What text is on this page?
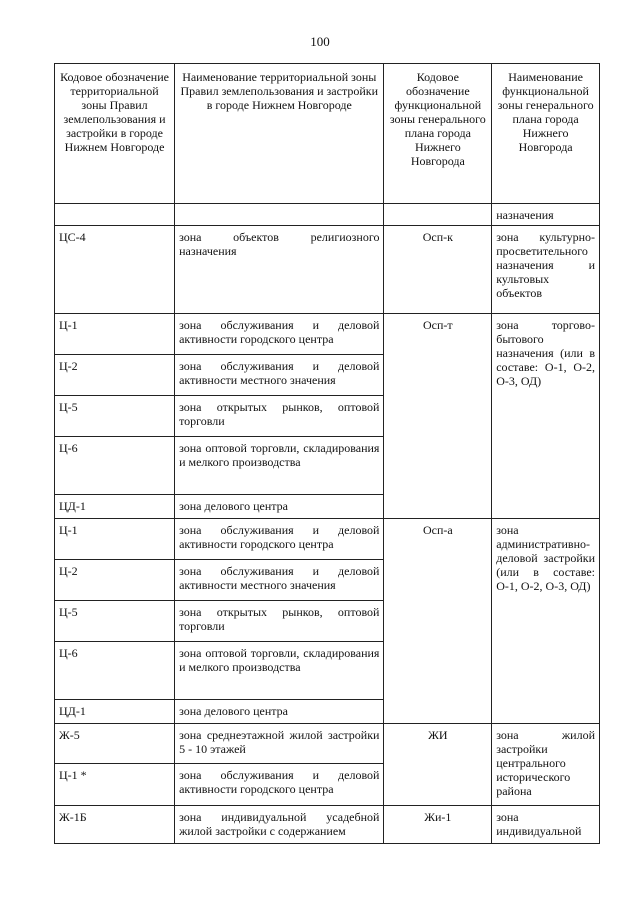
100
Кодовое обозначение территориальной зоны Правил землепользования и застройки в городе Нижнем Новгороде	Наименование территориальной зоны Правил землепользования и застройки в городе Нижнем Новгороде	Кодовое обозначение функциональной зоны генерального плана города Нижнего Новгорода	Наименование функциональной зоны генерального плана города Нижнего Новгорода
			назначения
ЦС-4	зона объектов религиозного назначения	Осп-к	зона культурно-просветительного назначения и культовых объектов
Ц-1	зона обслуживания и деловой активности городского центра	Осп-т	зона торгово-бытового назначения (или в составе: О-1, О-2, О-3, ОД)
Ц-2	зона обслуживания и деловой активности местного значения		
Ц-5	зона открытых рынков, оптовой торговли		
Ц-6	зона оптовой торговли, складирования и мелкого производства		
ЦД-1	зона делового центра		
Ц-1	зона обслуживания и деловой активности городского центра	Осп-а	зона административно-деловой застройки (или в составе: О-1, О-2, О-3, ОД)
Ц-2	зона обслуживания и деловой активности местного значения		
Ц-5	зона открытых рынков, оптовой торговли		
Ц-6	зона оптовой торговли, складирования и мелкого производства		
ЦД-1	зона делового центра		
Ж-5	зона среднеэтажной жилой застройки 5 - 10 этажей	ЖИ	зона жилой застройки центрального исторического района
Ц-1 *	зона обслуживания и деловой активности городского центра		
Ж-1Б	зона индивидуальной усадебной жилой застройки с содержанием	Жи-1	зона индивидуальной
